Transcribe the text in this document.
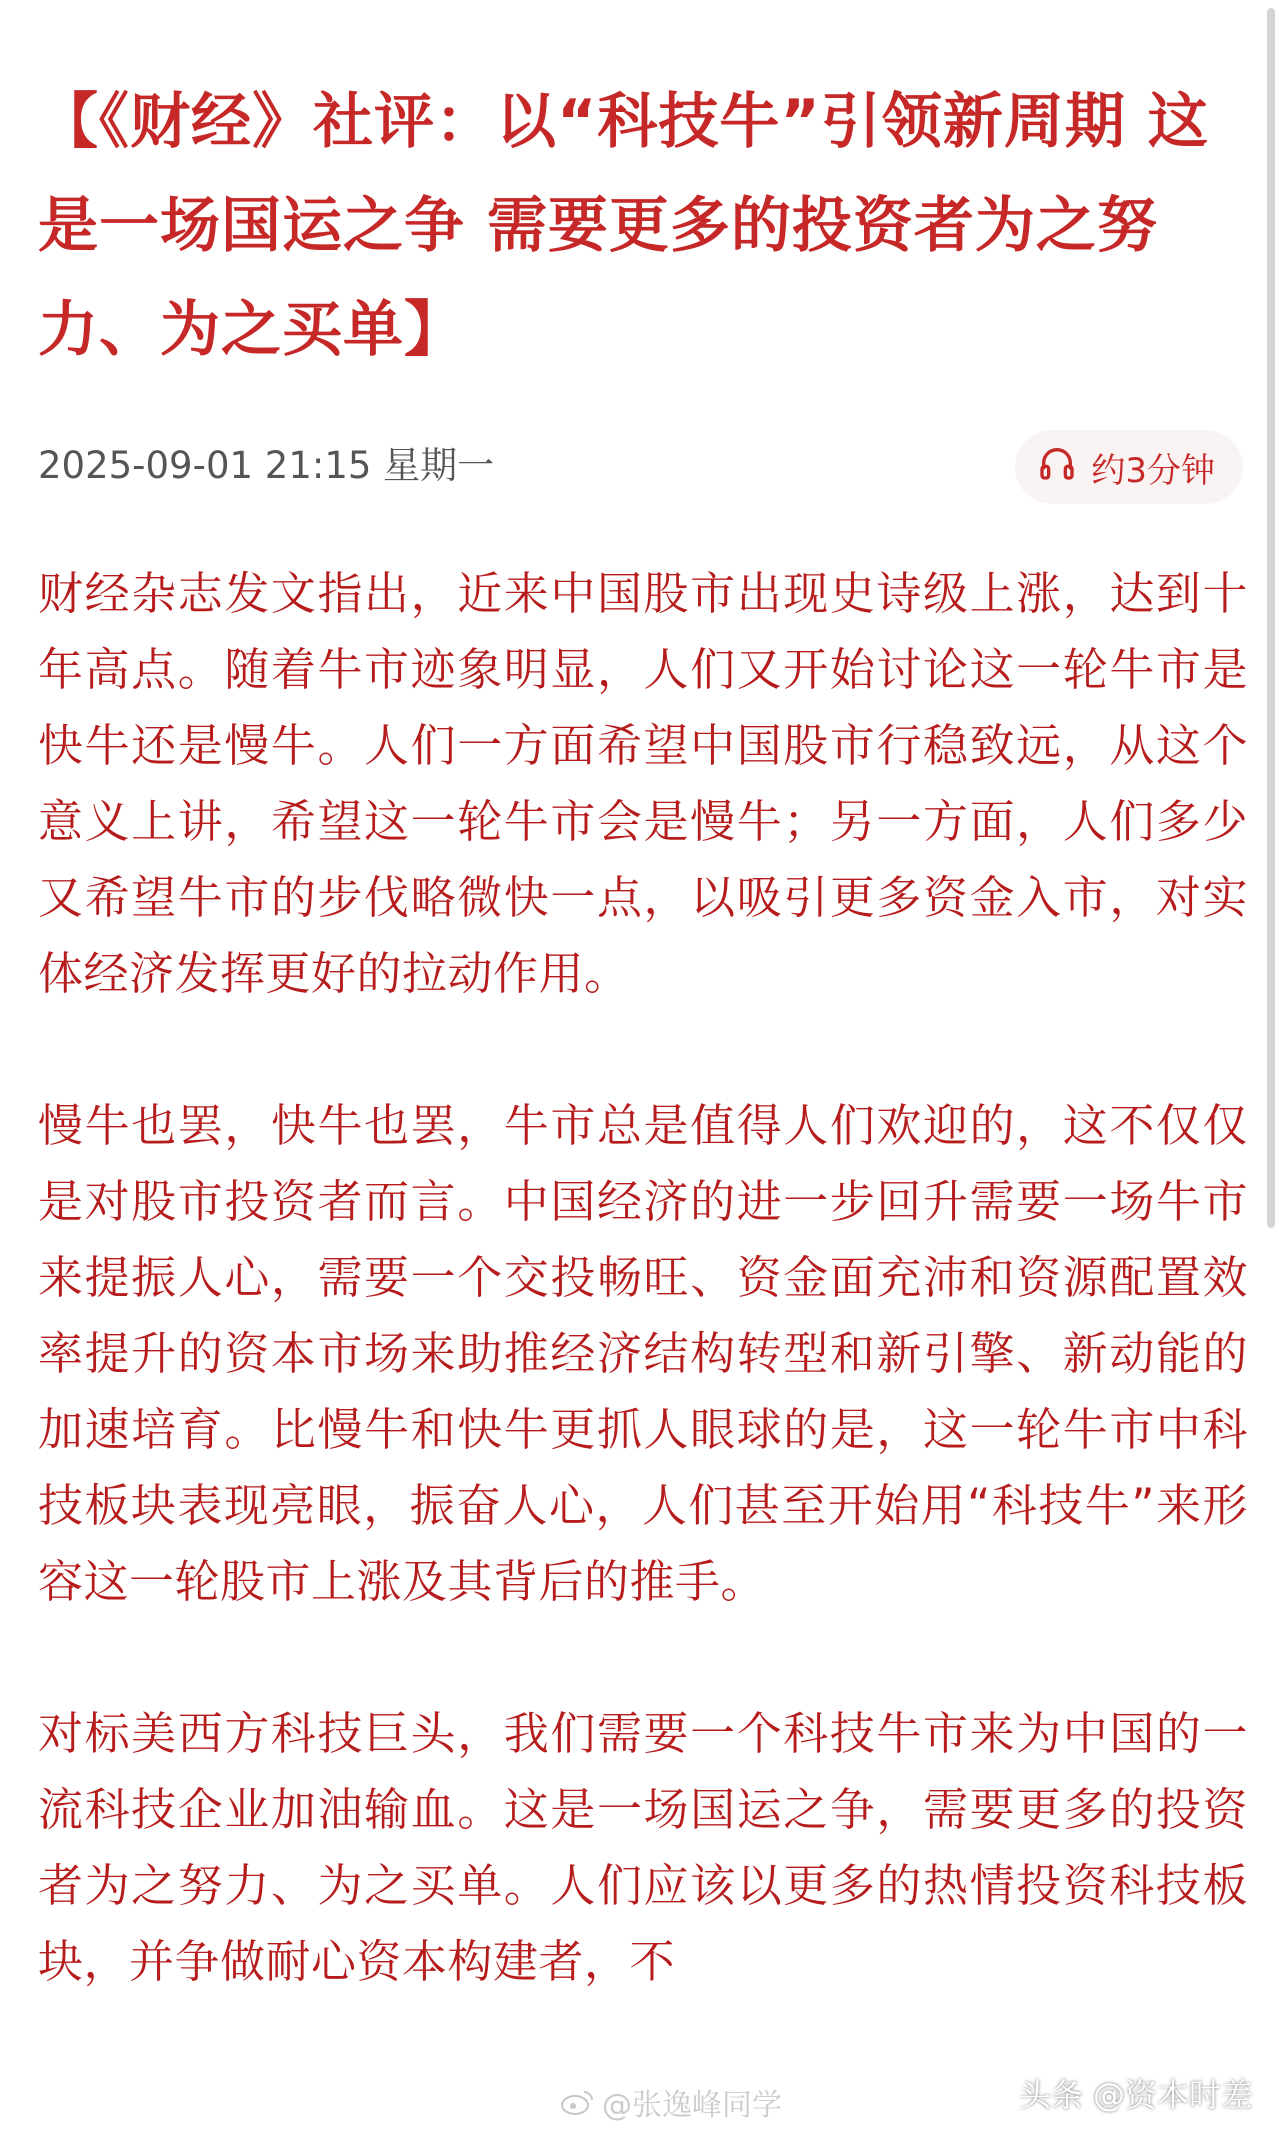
【《财经》社评：以“科技牛”引领新周期 这是一场国运之争 需要更多的投资者为之努力、为之买单】
2025-09-01 21:15 星期一	约3分钟

财经杂志发文指出，近来中国股市出现史诗级上涨，达到十年高点。随着牛市迹象明显，人们又开始讨论这一轮牛市是快牛还是慢牛。人们一方面希望中国股市行稳致远，从这个意义上讲，希望这一轮牛市会是慢牛；另一方面，人们多少又希望牛市的步伐略微快一点，以吸引更多资金入市，对实体经济发挥更好的拉动作用。

慢牛也罢，快牛也罢，牛市总是值得人们欢迎的，这不仅仅是对股市投资者而言。中国经济的进一步回升需要一场牛市来提振人心，需要一个交投畅旺、资金面充沛和资源配置效率提升的资本市场来助推经济结构转型和新引擎、新动能的加速培育。比慢牛和快牛更抓人眼球的是，这一轮牛市中科技板块表现亮眼，振奋人心，人们甚至开始用“科技牛”来形容这一轮股市上涨及其背后的推手。

对标美西方科技巨头，我们需要一个科技牛市来为中国的一流科技企业加油输血。这是一场国运之争，需要更多的投资者为之努力、为之买单。人们应该以更多的热情投资科技板块，并争做耐心资本构建者，不

@张逸峰同学	头条 @资本时差
